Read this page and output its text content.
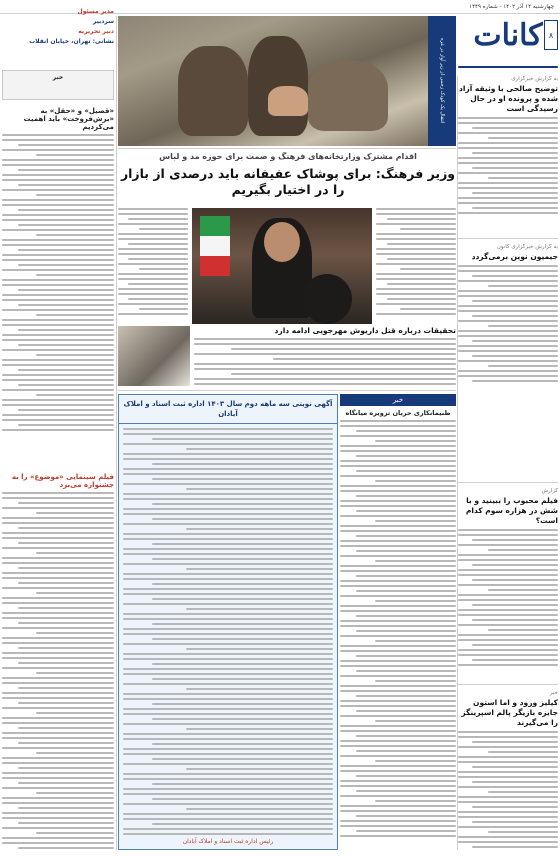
چهارشنبه ۱۴ آذر ۱۴۰۲ ‌- شماره ۱۴۴۹
کانات ۸
انتقال یک کودک زخمی از زیر آوار در غزه
مدیر مسئول
سردبیر
دبیر تحریریه
نشانی: تهران، خیابان انقلاب
خبر
«قصیل» و «حقل» به «برش‌فروخت» باید اهمیت می‌کردیم
فیلم سینمایی «موضوع» را به جشنواره می‌برد
اقدام مشترک وزارتخانه‌های فرهنگ و صمت برای حوزه مد و لباس
وزیر فرهنگ: برای پوشاک عفیفانه باید درصدی از بازار را در اختیار بگیریم
تحقیقات درباره قتل داریوش مهرجویی ادامه دارد
آگهی نوبتی سه ماهه دوم سال ۱۴۰۳ اداره ثبت اسناد و املاک آبادان
رئیس اداره ثبت اسناد و املاک آبادان
خبر
طنیمانکاری حربان تزویره میانگاه
به گزارش خبرگزاری
توضیح صالحی با وثیقه آزاد شده و پرونده او در حال رسیدگی است
به گزارش خبرگزاری کانون
جیمیون نوین برمی‌گردد
گزارش
فیلم محبوب را ببینید و با شش در هزاره سوم کدام است؟
خبر
کیلیز ورود و اما استون جایزه بازیگر پالم اسپرینگز را می‌گیرند
